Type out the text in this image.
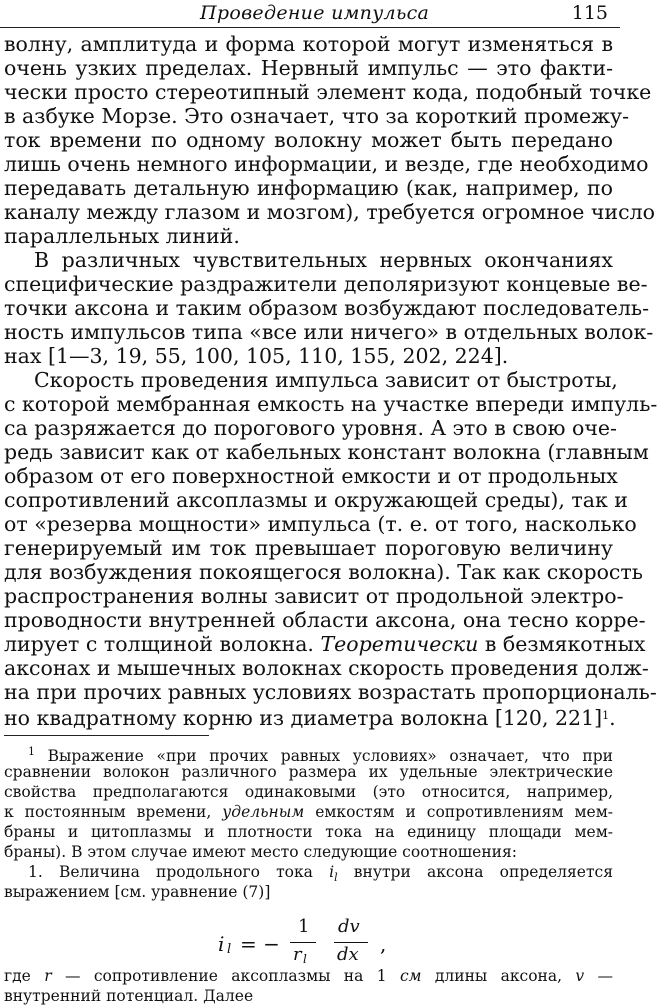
Проведение импульса	115
волну, амплитуда и форма которой могут изменяться в
очень узких пределах. Нервный импульс — это факти-
чески просто стереотипный элемент кода, подобный точке
в азбуке Морзе. Это означает, что за короткий промежу-
ток времени по одному волокну может быть передано
лишь очень немного информации, и везде, где необходимо
передавать детальную информацию (как, например, по
каналу между глазом и мозгом), требуется огромное число
параллельных линий.
В различных чувствительных нервных окончаниях
специфические раздражители деполяризуют концевые ве-
точки аксона и таким образом возбуждают последователь-
ность импульсов типа «все или ничего» в отдельных волок-
нах [1—3, 19, 55, 100, 105, 110, 155, 202, 224].
Скорость проведения импульса зависит от быстроты,
с которой мембранная емкость на участке впереди импуль-
са разряжается до порогового уровня. А это в свою оче-
редь зависит как от кабельных констант волокна (главным
образом от его поверхностной емкости и от продольных
сопротивлений аксоплазмы и окружающей среды), так и
от «резерва мощности» импульса (т. е. от того, насколько
генерируемый им ток превышает пороговую величину
для возбуждения покоящегося волокна). Так как скорость
распространения волны зависит от продольной электро-
проводности внутренней области аксона, она тесно корре-
лирует с толщиной волокна. Теоретически в безмякотных
аксонах и мышечных волокнах скорость проведения долж-
на при прочих равных условиях возрастать пропорциональ-
но квадратному корню из диаметра волокна [120, 221]$^1$.
$^1$ Выражение «при прочих равных условиях» означает, что при
сравнении волокон различного размера их удельные электрические
свойства предполагаются одинаковыми (это относится, например,
к постоянным времени, удельным емкостям и сопротивлениям мем-
браны и цитоплазмы и плотности тока на единицу площади мем-
браны). В этом случае имеют место следующие соотношения:
1. Величина продольного тока $i_l$ внутри аксона определяется
выражением [см. уравнение (7)]
i l = −
1
r l
dv
dx ,
где r — сопротивление аксоплазмы на 1 см длины аксона, v —
внутренний потенциал. Далее
